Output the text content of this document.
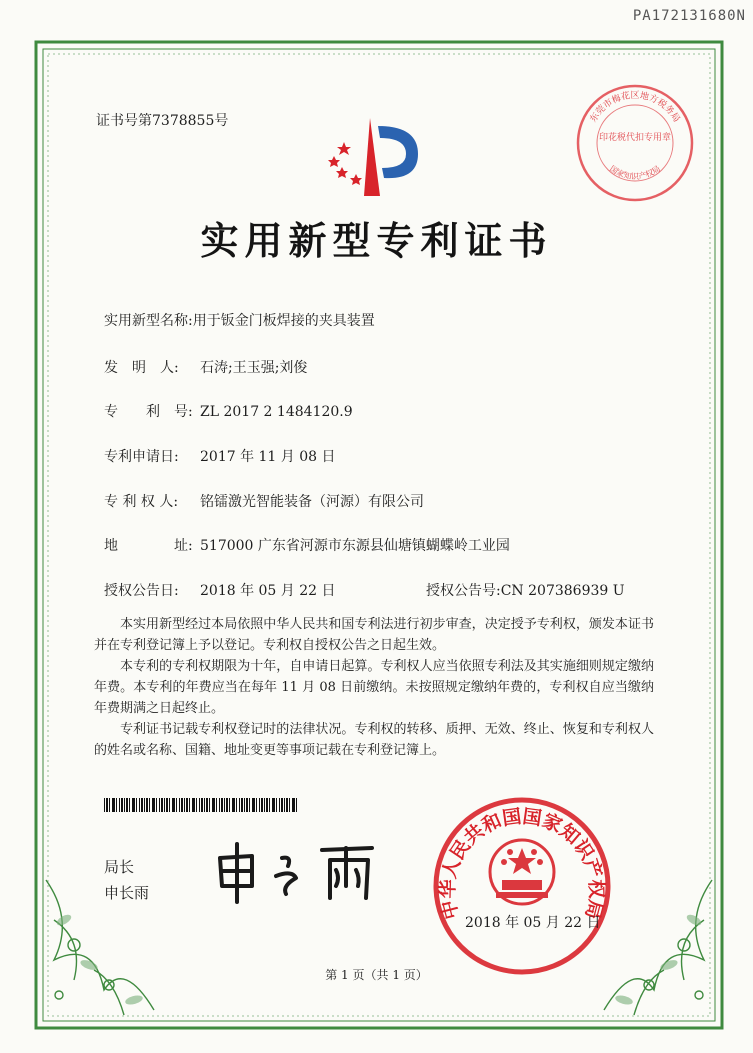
PA172131680N
证书号第7378855号	东莞市梅花区地方税务局
印花税代扣专用章
国家知识产权局
实用新型专利证书
实用新型名称:用于钣金门板焊接的夹具装置
发　明　人: 石涛;王玉强;刘俊
专　　利　号: ZL 2017 2 1484120.9
专利申请日: 2017 年 11 月 08 日
专 利 权 人: 铭镭激光智能装备（河源）有限公司
地　　　　址: 517000 广东省河源市东源县仙塘镇蝴蝶岭工业园
授权公告日: 2018 年 05 月 22 日	授权公告号:CN 207386939 U
本实用新型经过本局依照中华人民共和国专利法进行初步审查，决定授予专利权，颁发本证书并在专利登记簿上予以登记。专利权自授权公告之日起生效。
本专利的专利权期限为十年，自申请日起算。专利权人应当依照专利法及其实施细则规定缴纳年费。本专利的年费应当在每年 11 月 08 日前缴纳。未按照规定缴纳年费的，专利权自应当缴纳年费期满之日起终止。
专利证书记载专利权登记时的法律状况。专利权的转移、质押、无效、终止、恢复和专利权人的姓名或名称、国籍、地址变更等事项记载在专利登记簿上。
局长
申长雨
中华人民共和国国家知识产权局
2018 年 05 月 22 日
第 1 页（共 1 页）
